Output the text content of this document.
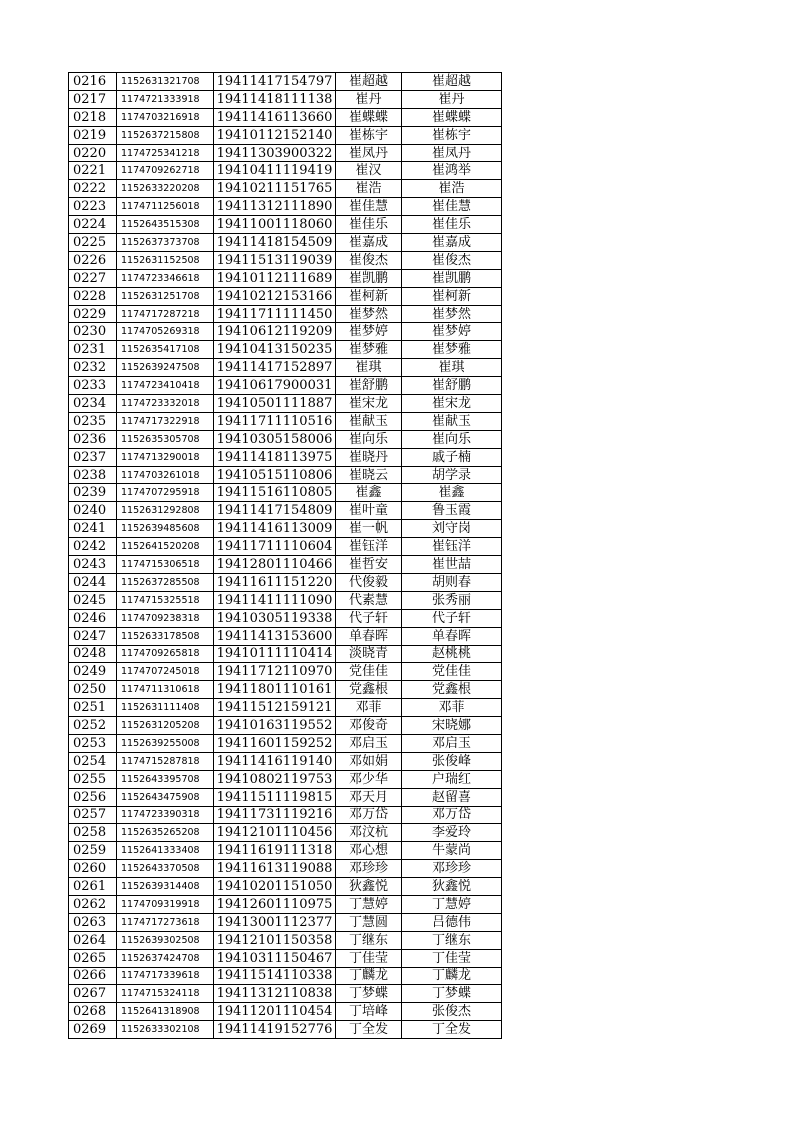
0216	1152631321708	19411417154797	崔超越	崔超越
0217	1174721333918	19411418111138	崔丹	崔丹
0218	1174703216918	19411416113660	崔蝶蝶	崔蝶蝶
0219	1152637215808	19410112152140	崔栋宇	崔栋宇
0220	1174725341218	19411303900322	崔凤丹	崔凤丹
0221	1174709262718	19410411119419	崔汉	崔鸿举
0222	1152633220208	19410211151765	崔浩	崔浩
0223	1174711256018	19411312111890	崔佳慧	崔佳慧
0224	1152643515308	19411001118060	崔佳乐	崔佳乐
0225	1152637373708	19411418154509	崔嘉成	崔嘉成
0226	1152631152508	19411513119039	崔俊杰	崔俊杰
0227	1174723346618	19410112111689	崔凯鹏	崔凯鹏
0228	1152631251708	19410212153166	崔柯新	崔柯新
0229	1174717287218	19411711111450	崔梦然	崔梦然
0230	1174705269318	19410612119209	崔梦婷	崔梦婷
0231	1152635417108	19410413150235	崔梦雅	崔梦雅
0232	1152639247508	19411417152897	崔琪	崔琪
0233	1174723410418	19410617900031	崔舒鹏	崔舒鹏
0234	1174723332018	19410501111887	崔宋龙	崔宋龙
0235	1174717322918	19411711110516	崔献玉	崔献玉
0236	1152635305708	19410305158006	崔向乐	崔向乐
0237	1174713290018	19411418113975	崔晓丹	戚子楠
0238	1174703261018	19410515110806	崔晓云	胡学录
0239	1174707295918	19411516110805	崔鑫	崔鑫
0240	1152631292808	19411417154809	崔叶童	鲁玉霞
0241	1152639485608	19411416113009	崔一帆	刘守岗
0242	1152641520208	19411711110604	崔钰洋	崔钰洋
0243	1174715306518	19412801110466	崔哲安	崔世喆
0244	1152637285508	19411611151220	代俊毅	胡则春
0245	1174715325518	19411411111090	代素慧	张秀丽
0246	1174709238318	19410305119338	代子轩	代子轩
0247	1152633178508	19411413153600	单春晖	单春晖
0248	1174709265818	19410111110414	淡晓青	赵桃桃
0249	1174707245018	19411712110970	党佳佳	党佳佳
0250	1174711310618	19411801110161	党鑫根	党鑫根
0251	1152631111408	19411512159121	邓菲	邓菲
0252	1152631205208	19410163119552	邓俊奇	宋晓娜
0253	1152639255008	19411601159252	邓启玉	邓启玉
0254	1174715287818	19411416119140	邓如娟	张俊峰
0255	1152643395708	19410802119753	邓少华	户瑞红
0256	1152643475908	19411511119815	邓天月	赵留喜
0257	1174723390318	19411731119216	邓万岱	邓万岱
0258	1152635265208	19412101110456	邓汶杭	李爱玲
0259	1152641333408	19411619111318	邓心想	牛蒙尚
0260	1152643370508	19411613119088	邓珍珍	邓珍珍
0261	1152639314408	19410201151050	狄鑫悦	狄鑫悦
0262	1174709319918	19412601110975	丁慧婷	丁慧婷
0263	1174717273618	19413001112377	丁慧圆	吕德伟
0264	1152639302508	19412101150358	丁继东	丁继东
0265	1152637424708	19410311150467	丁佳莹	丁佳莹
0266	1174717339618	19411514110338	丁麟龙	丁麟龙
0267	1174715324118	19411312110838	丁梦蝶	丁梦蝶
0268	1152641318908	19411201110454	丁培峰	张俊杰
0269	1152633302108	19411419152776	丁全发	丁全发
